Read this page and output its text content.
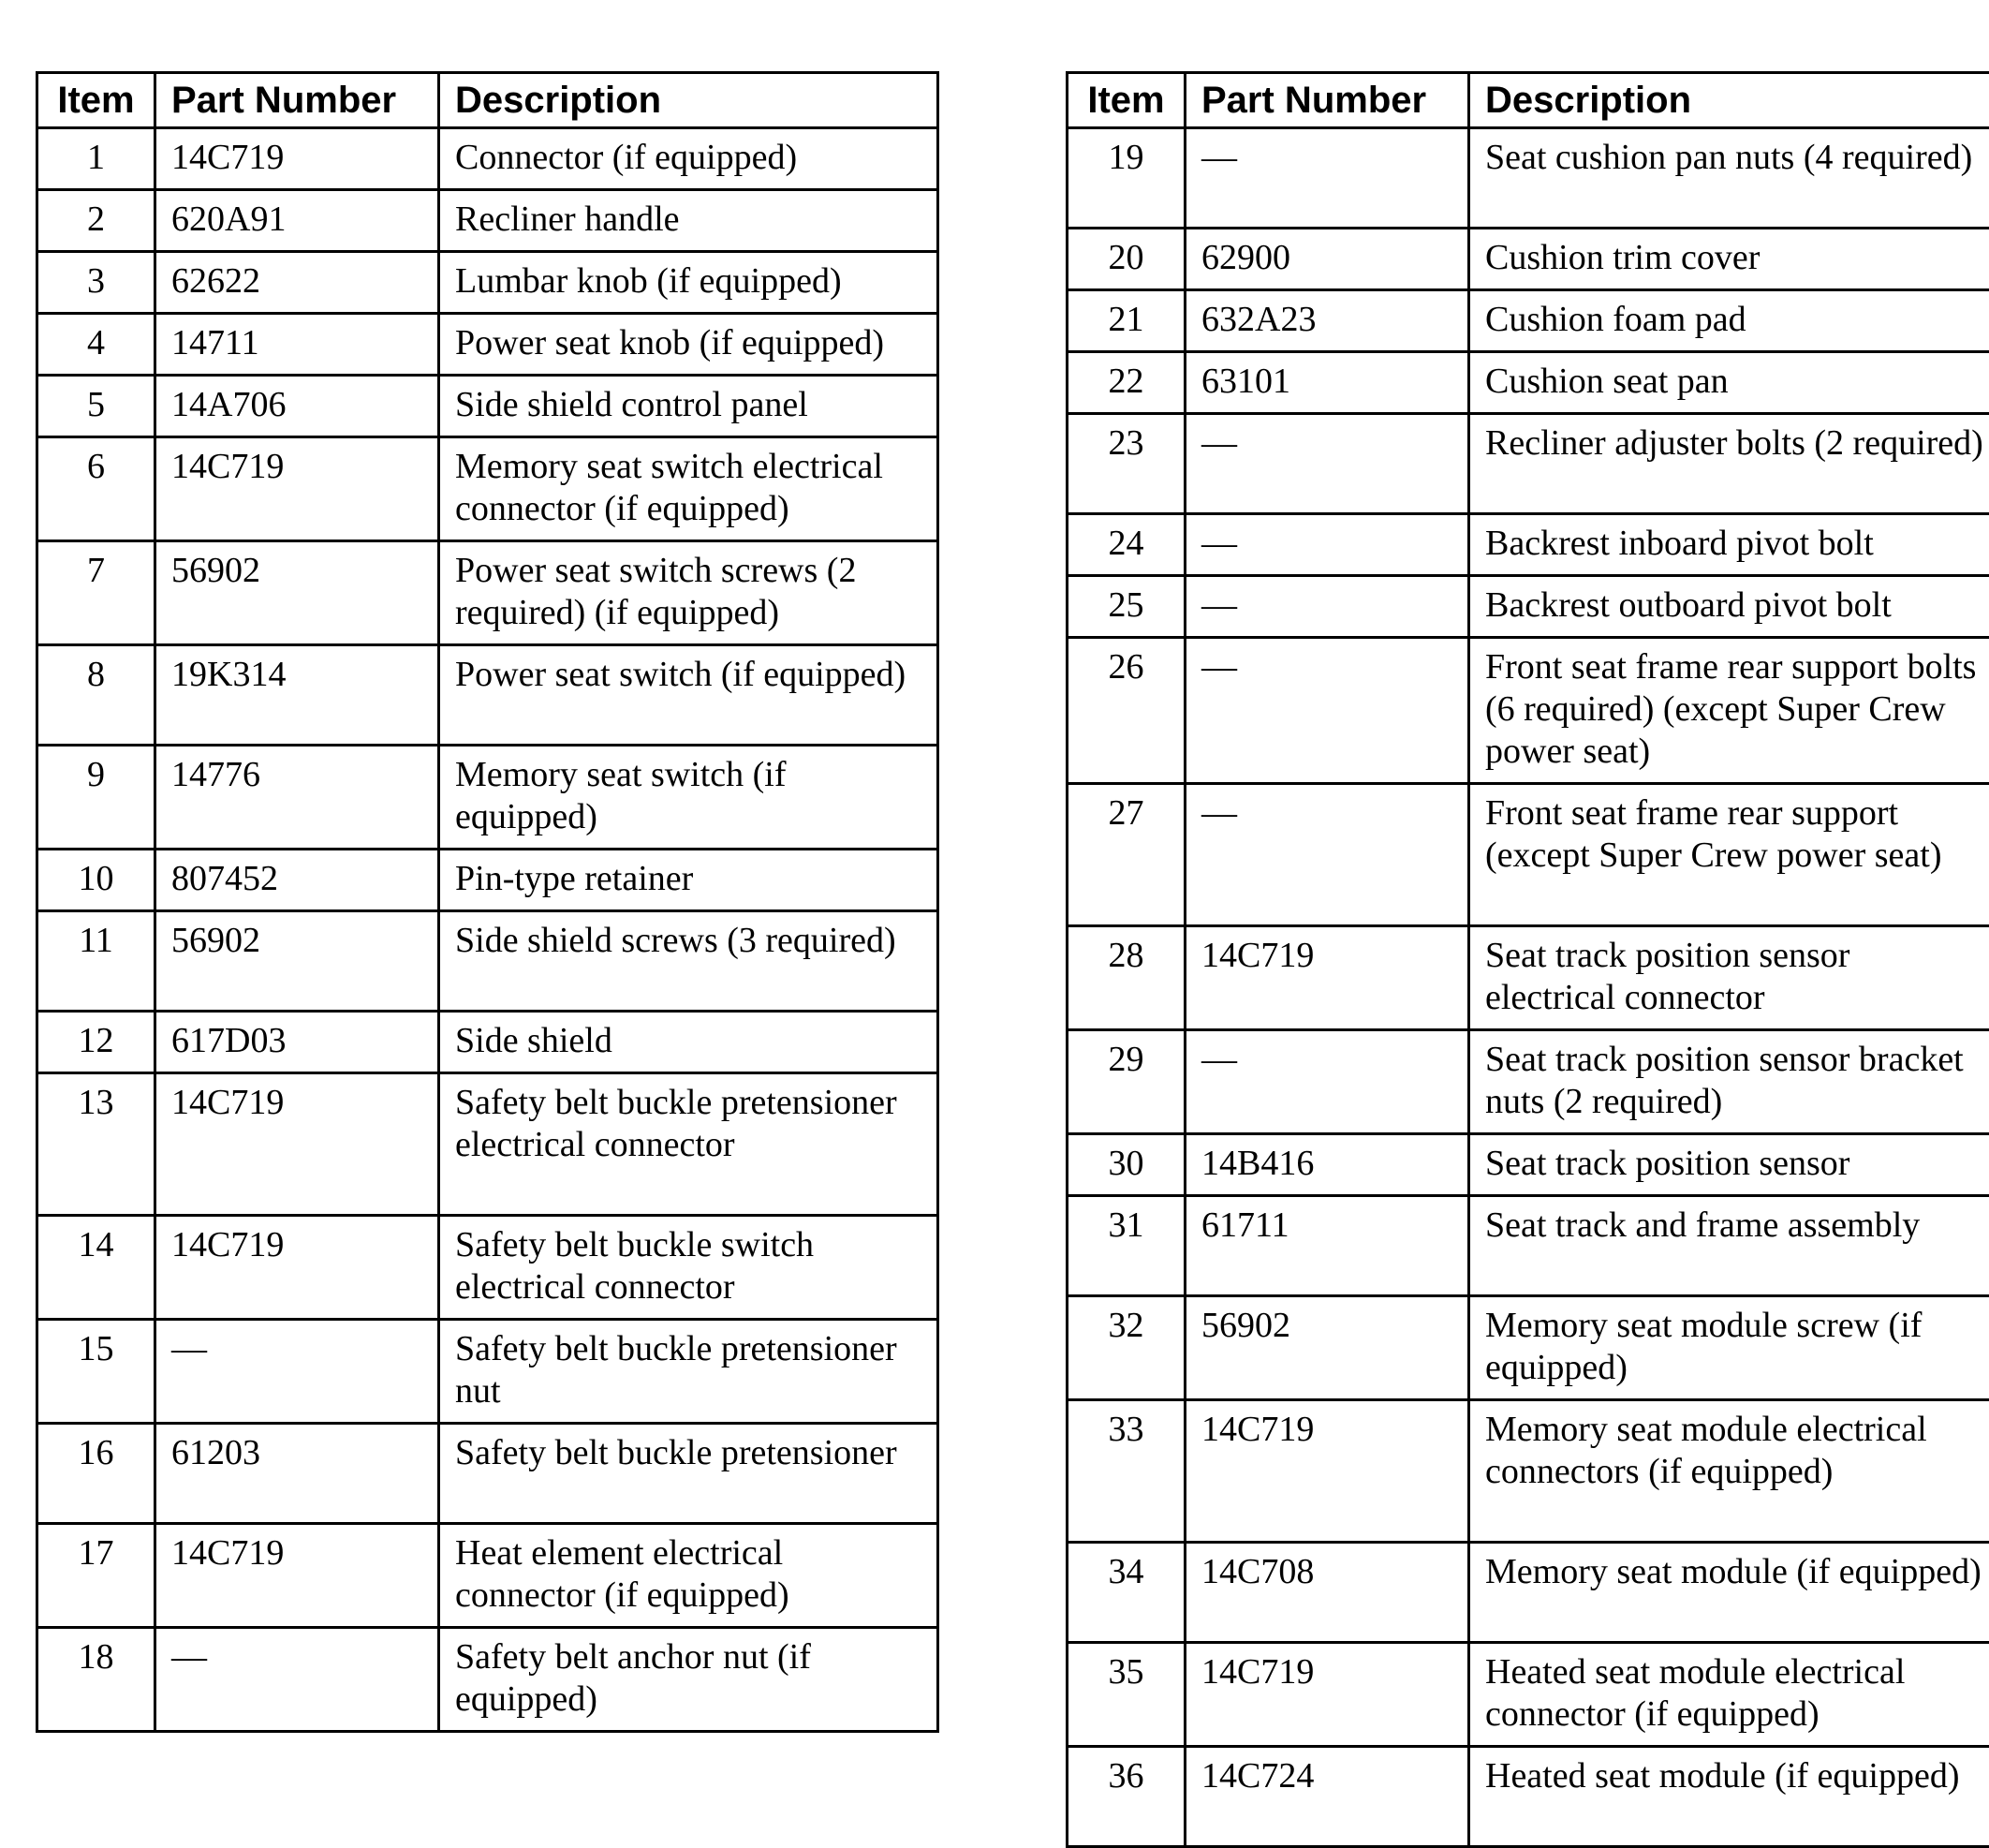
Item	Part Number	Description
1	14C719	Connector (if equipped)
2	620A91	Recliner handle
3	62622	Lumbar knob (if equipped)
4	14711	Power seat knob (if equipped)
5	14A706	Side shield control panel
6	14C719	Memory seat switch electrical connector (if equipped)
7	56902	Power seat switch screws (2 required) (if equipped)
8	19K314	Power seat switch (if equipped)
9	14776	Memory seat switch (if equipped)
10	807452	Pin-type retainer
11	56902	Side shield screws (3 required)
12	617D03	Side shield
13	14C719	Safety belt buckle pretensioner electrical connector
14	14C719	Safety belt buckle switch electrical connector
15	—	Safety belt buckle pretensioner nut
16	61203	Safety belt buckle pretensioner
17	14C719	Heat element electrical connector (if equipped)
18	—	Safety belt anchor nut (if equipped)
Item	Part Number	Description
19	—	Seat cushion pan nuts (4 required)
20	62900	Cushion trim cover
21	632A23	Cushion foam pad
22	63101	Cushion seat pan
23	—	Recliner adjuster bolts (2 required)
24	—	Backrest inboard pivot bolt
25	—	Backrest outboard pivot bolt
26	—	Front seat frame rear support bolts (6 required) (except Super Crew power seat)
27	—	Front seat frame rear support (except Super Crew power seat)
28	14C719	Seat track position sensor electrical connector
29	—	Seat track position sensor bracket nuts (2 required)
30	14B416	Seat track position sensor
31	61711	Seat track and frame assembly
32	56902	Memory seat module screw (if equipped)
33	14C719	Memory seat module electrical connectors (if equipped)
34	14C708	Memory seat module (if equipped)
35	14C719	Heated seat module electrical connector (if equipped)
36	14C724	Heated seat module (if equipped)
